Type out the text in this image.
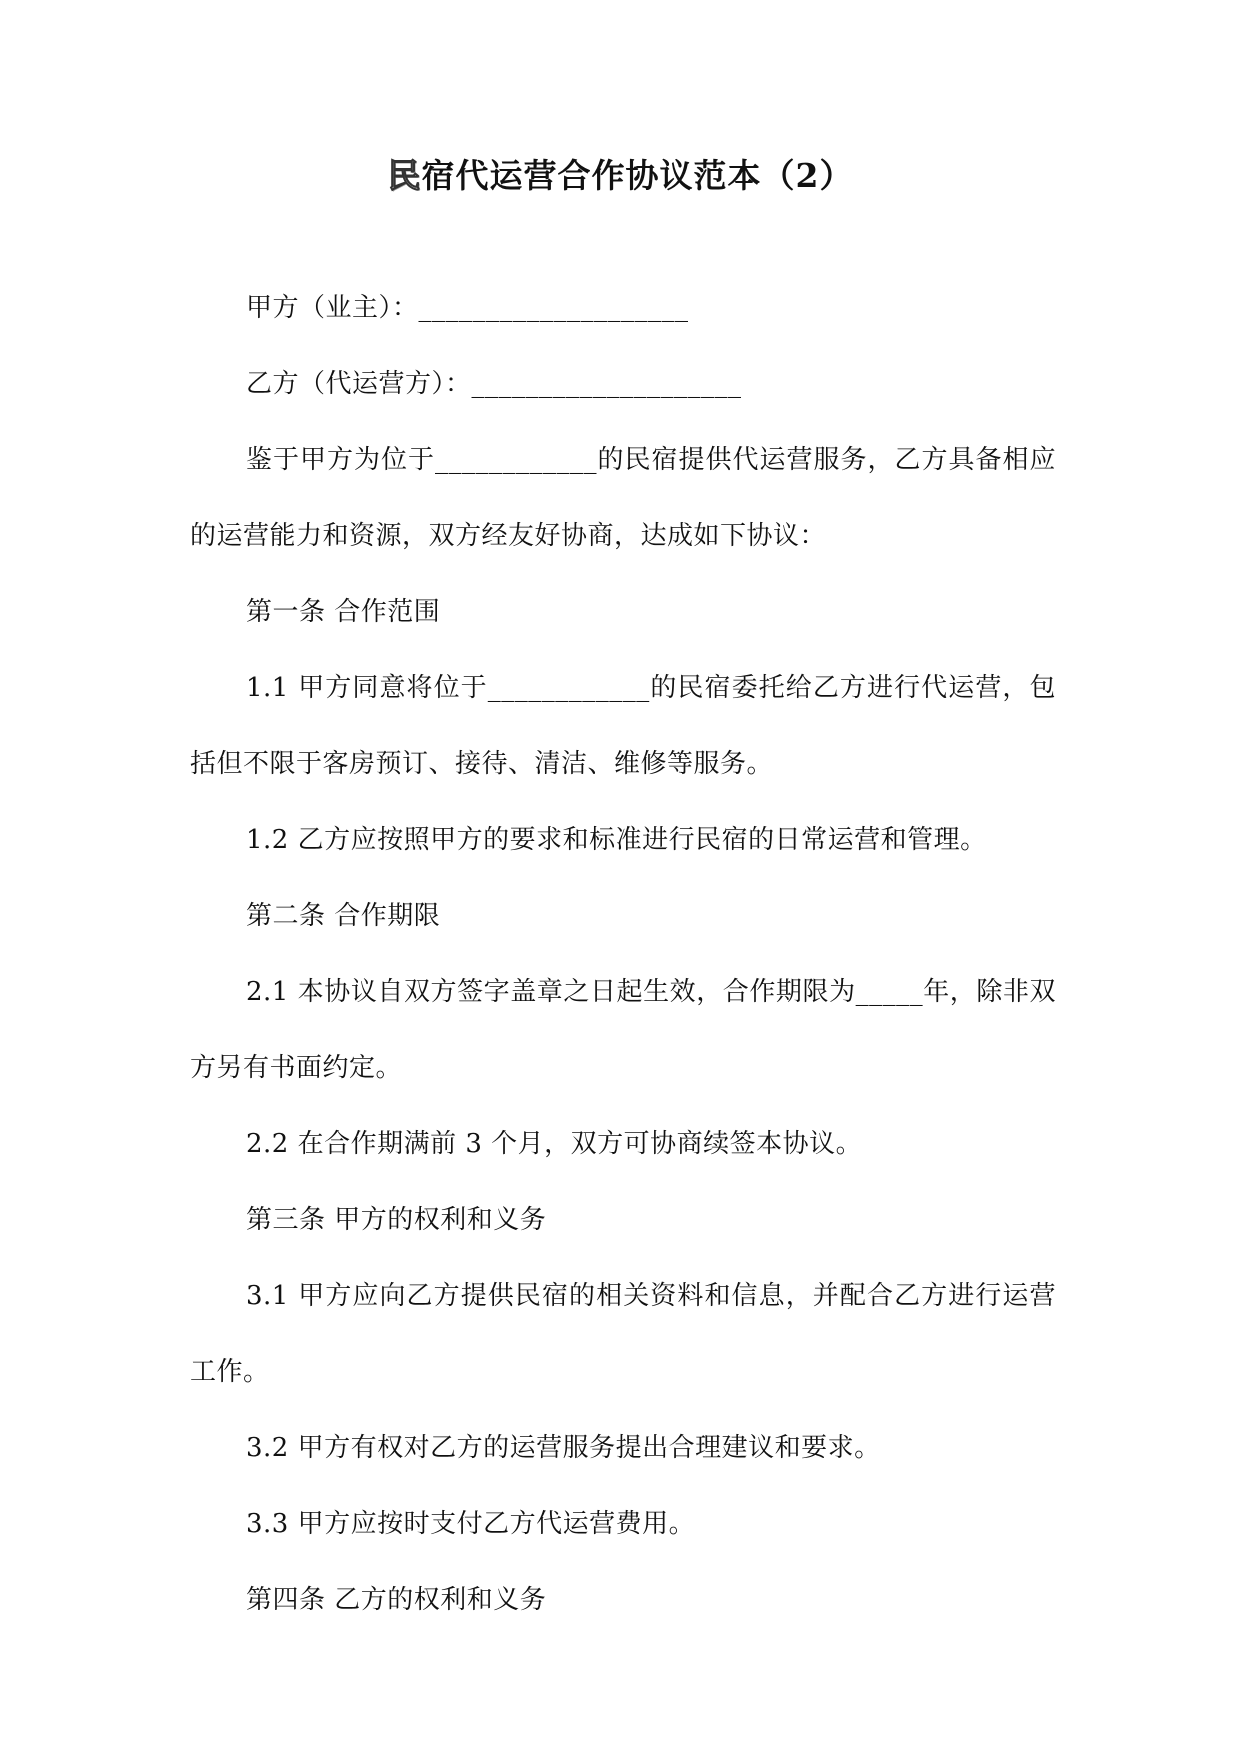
民宿代运营合作协议范本（2）

甲方（业主）：____________________

乙方（代运营方）：____________________

鉴于甲方为位于____________的民宿提供代运营服务，乙方具备相应的运营能力和资源，双方经友好协商，达成如下协议：

第一条 合作范围

1.1 甲方同意将位于____________的民宿委托给乙方进行代运营，包括但不限于客房预订、接待、清洁、维修等服务。

1.2 乙方应按照甲方的要求和标准进行民宿的日常运营和管理。

第二条 合作期限

2.1 本协议自双方签字盖章之日起生效，合作期限为_____年，除非双方另有书面约定。

2.2 在合作期满前 3 个月，双方可协商续签本协议。

第三条 甲方的权利和义务

3.1 甲方应向乙方提供民宿的相关资料和信息，并配合乙方进行运营工作。

3.2 甲方有权对乙方的运营服务提出合理建议和要求。

3.3 甲方应按时支付乙方代运营费用。

第四条 乙方的权利和义务
